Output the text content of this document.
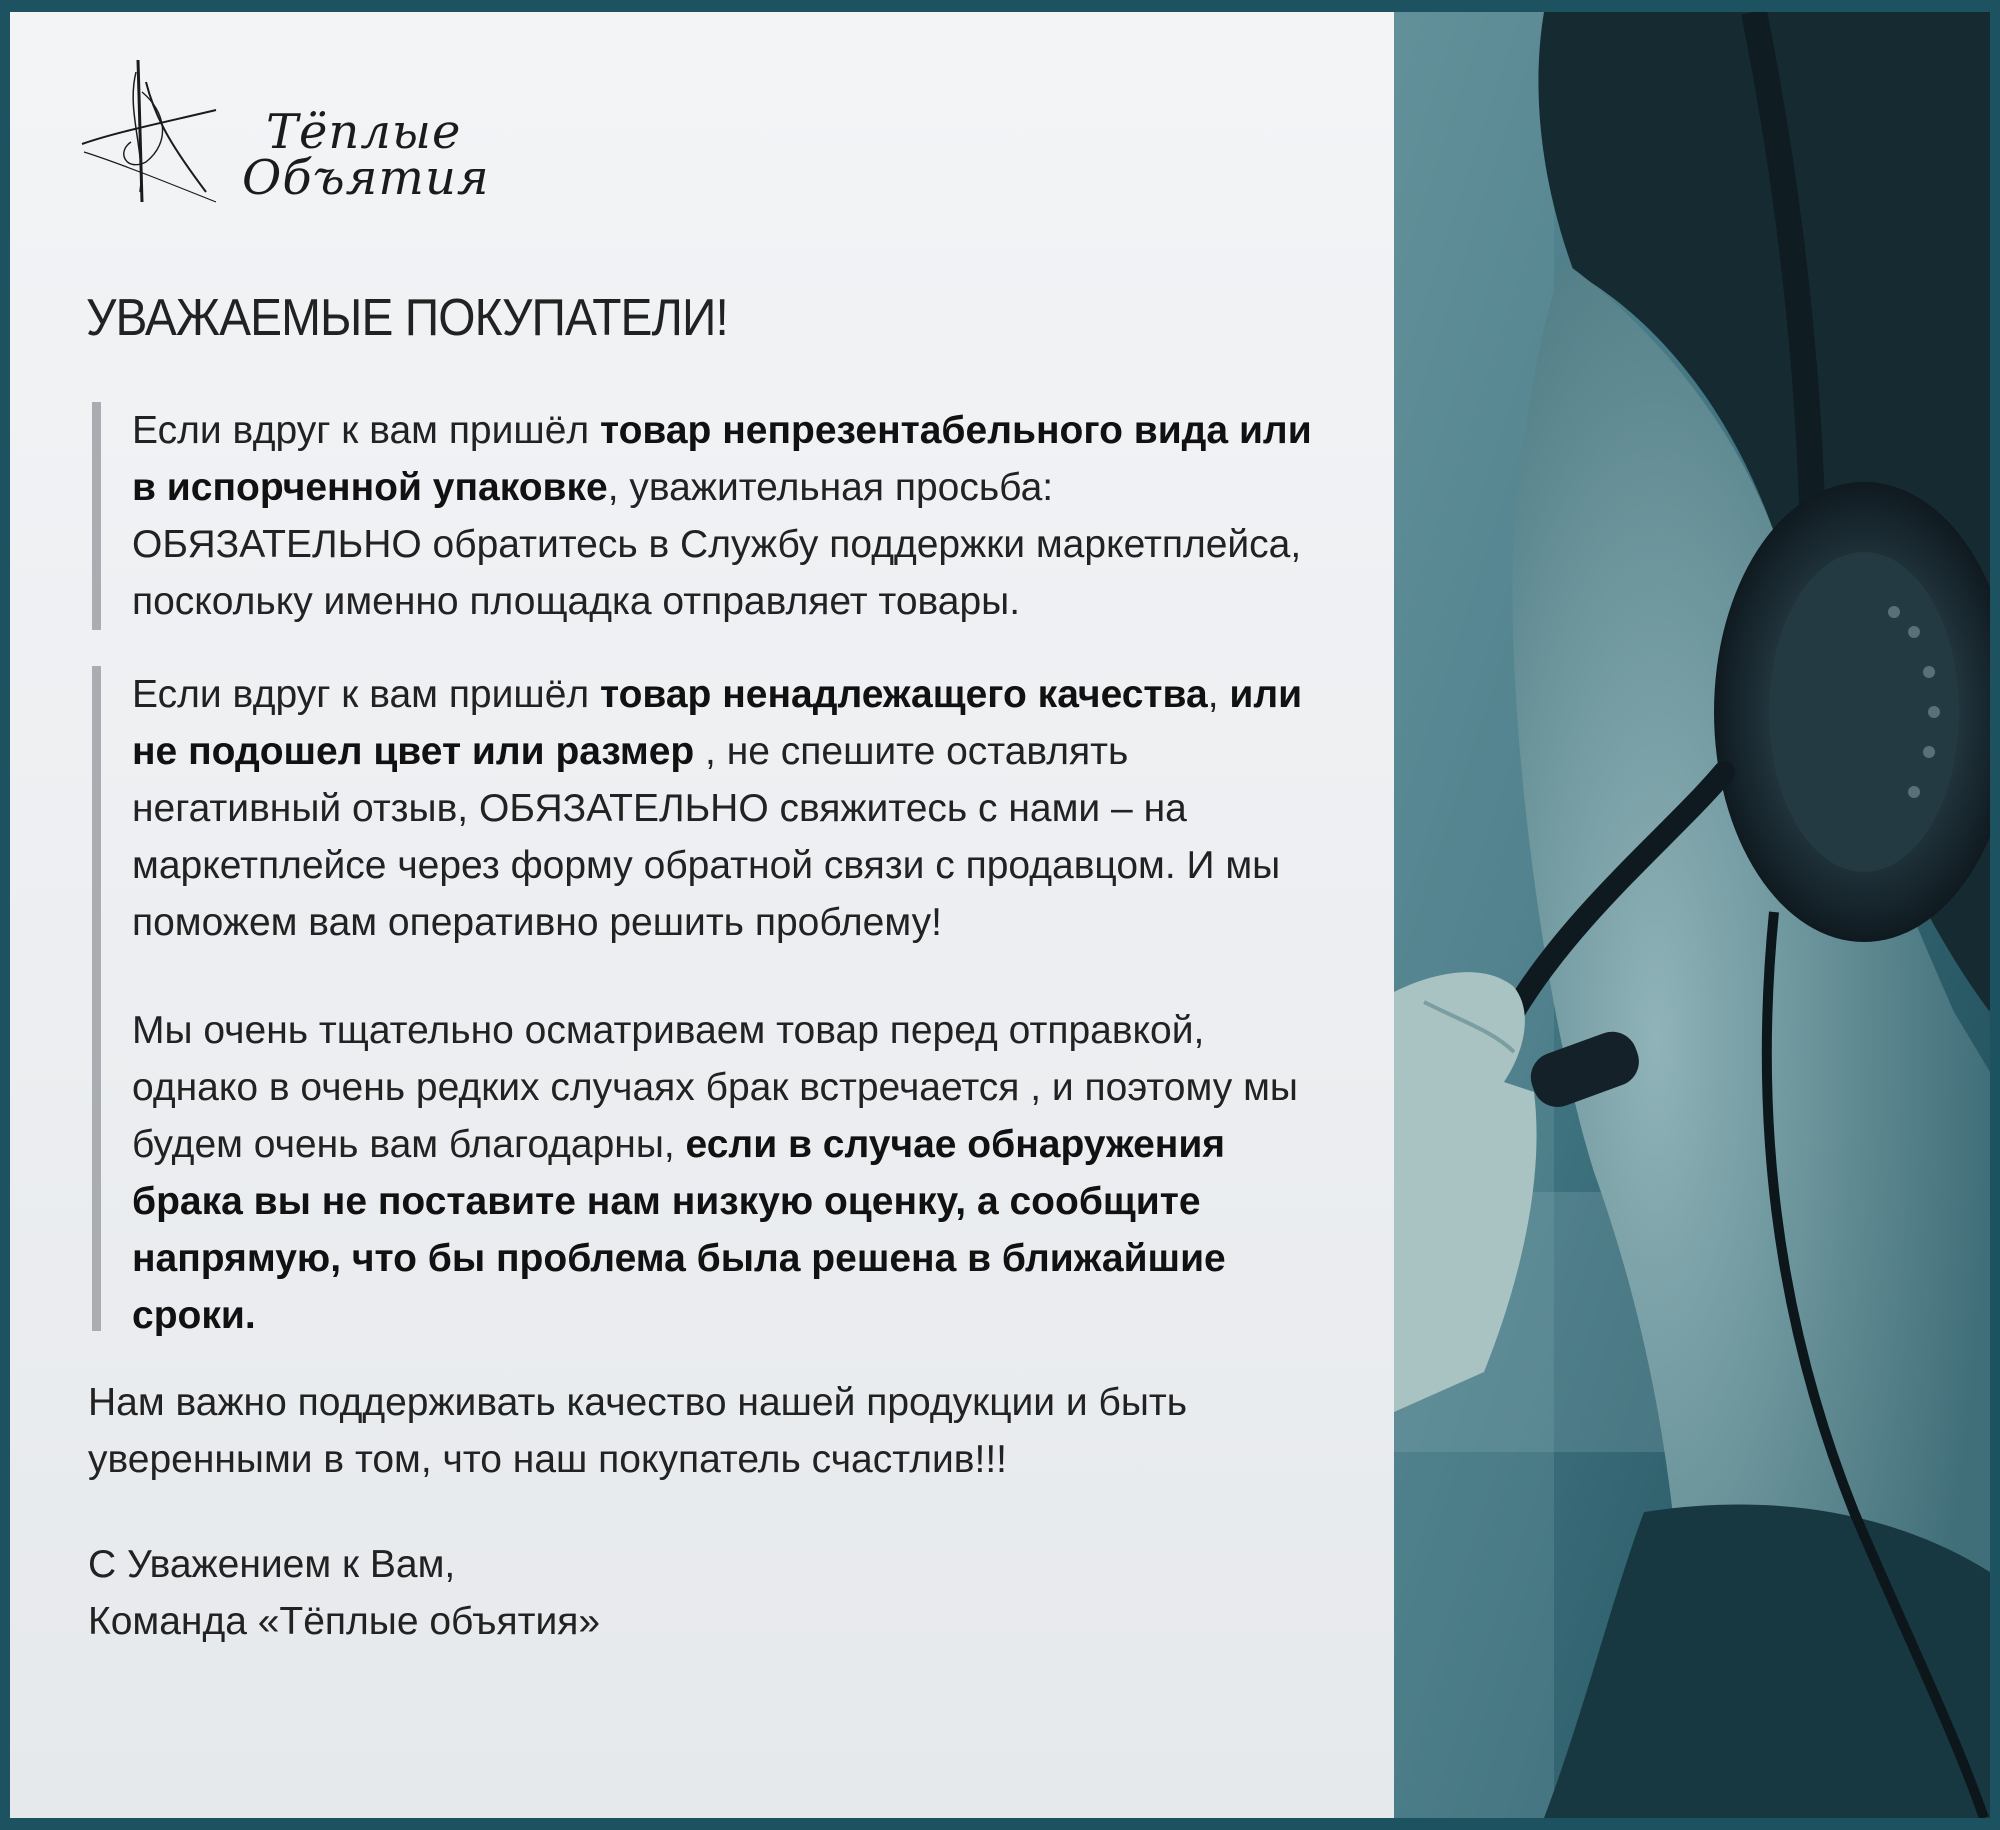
Тёплые
Объятия
УВАЖАЕМЫЕ ПОКУПАТЕЛИ!
Если вдруг к вам пришёл товар непрезентабельного вида или
в испорченной упаковке, уважительная просьба:
ОБЯЗАТЕЛЬНО обратитесь в Службу поддержки маркетплейса,
поскольку именно площадка отправляет товары.
Если вдруг к вам пришёл товар ненадлежащего качества, или
не подошел цвет или размер , не спешите оставлять
негативный отзыв, ОБЯЗАТЕЛЬНО свяжитесь с нами – на
маркетплейсе через форму обратной связи с продавцом. И мы
поможем вам оперативно решить проблему!
Мы очень тщательно осматриваем товар перед отправкой,
однако в очень редких случаях брак встречается , и поэтому мы
будем очень вам благодарны, если в случае обнаружения
брака вы не поставите нам низкую оценку, а сообщите
напрямую, что бы проблема была решена в ближайшие
сроки.
Нам важно поддерживать качество нашей продукции и быть
уверенными в том, что наш покупатель счастлив!!!
С Уважением к Вам,
Команда «Тёплые объятия»
